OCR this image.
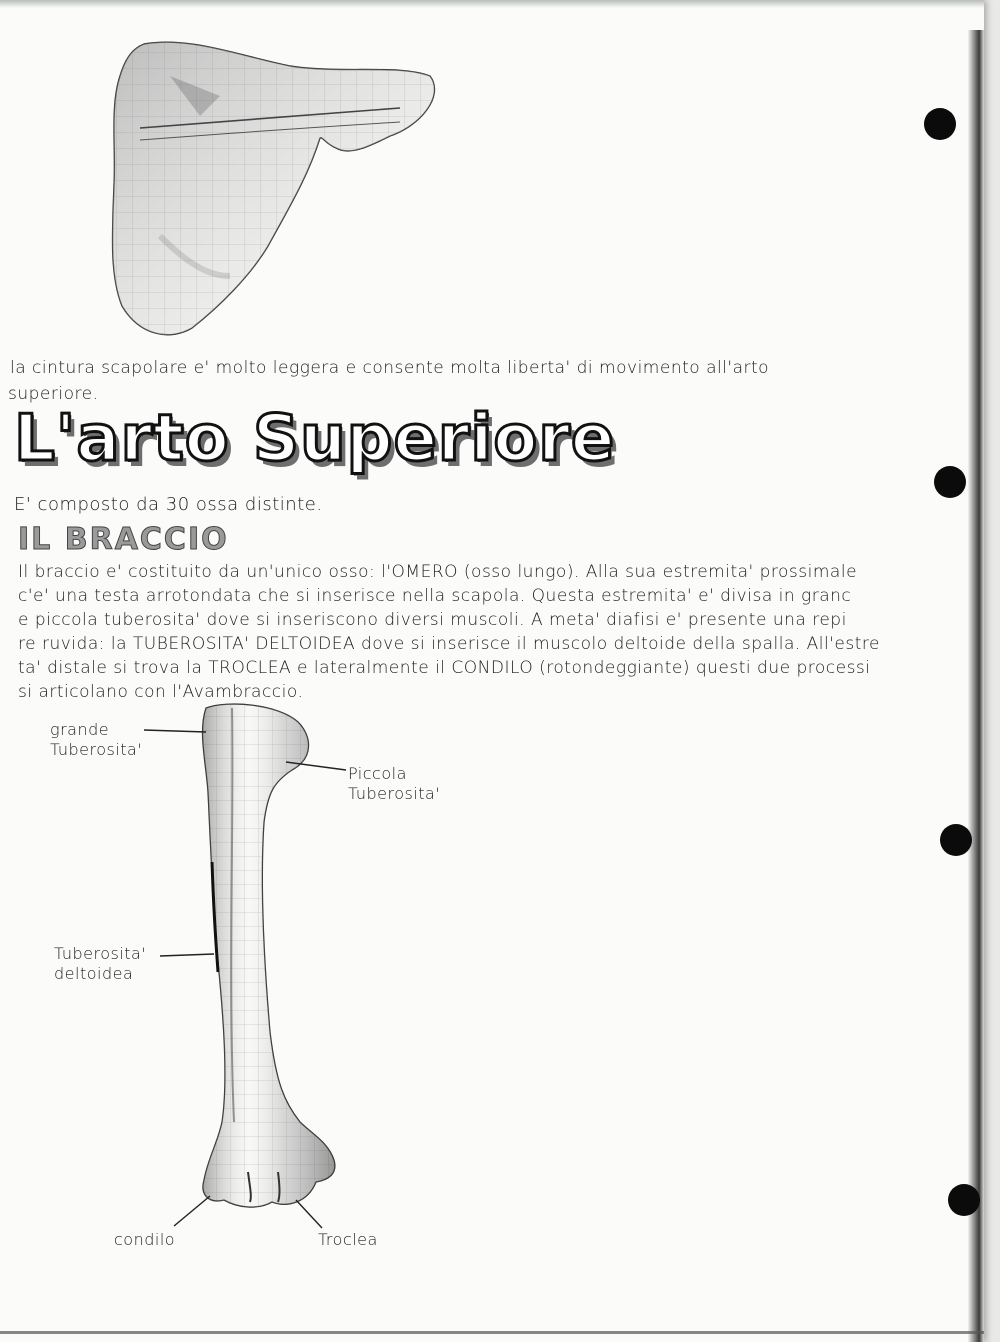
la cintura scapolare e' molto leggera e consente molta liberta' di movimento all'arto
superiore.
L'arto Superiore
E' composto da 30 ossa distinte.
IL BRACCIO
Il braccio e' costituito da un'unico osso: l'OMERO (osso lungo). Alla sua estremita' prossimale
c'e' una testa arrotondata che si inserisce nella scapola. Questa estremita' e' divisa in granc
e piccola tuberosita' dove si inseriscono diversi muscoli. A meta' diafisi e' presente una repi
re ruvida: la TUBEROSITA' DELTOIDEA dove si inserisce il muscolo deltoide della spalla. All'estre
ta' distale si trova la TROCLEA e lateralmente il CONDILO (rotondeggiante) questi due processi
si articolano con l'Avambraccio.
grande
Tuberosita'
Piccola
Tuberosita'
Tuberosita'
deltoidea
condilo	Troclea
